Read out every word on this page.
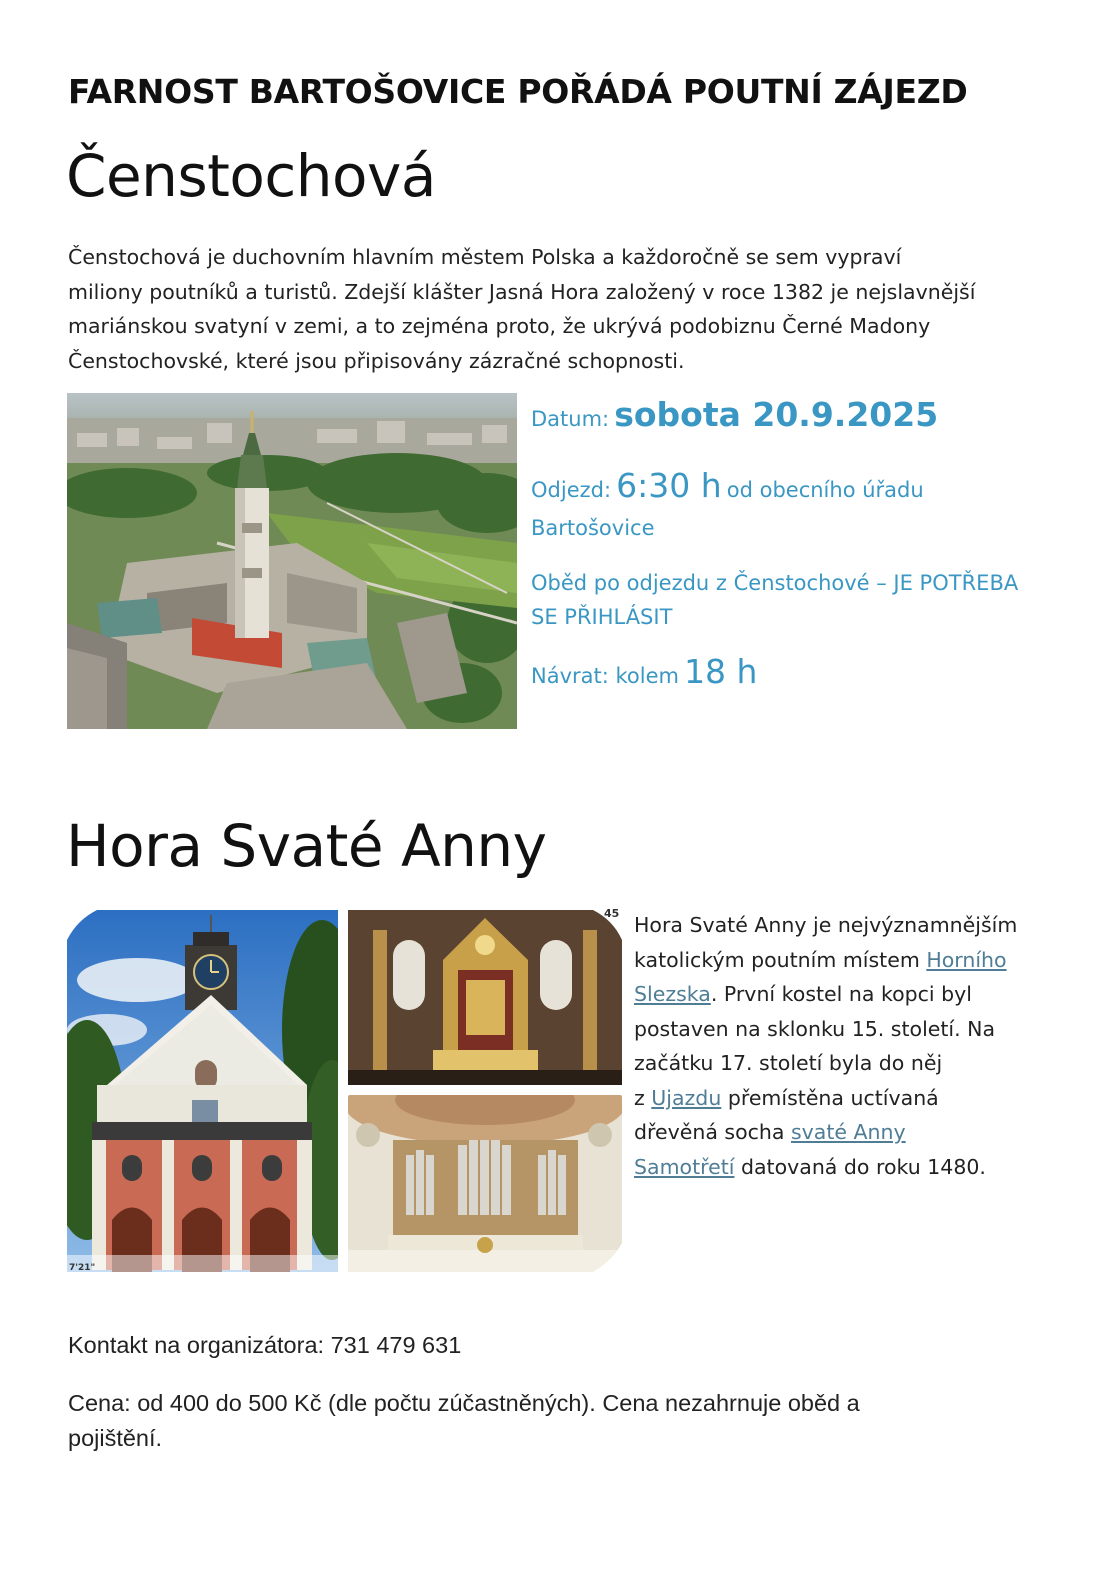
FARNOST BARTOŠOVICE POŘÁDÁ POUTNÍ ZÁJEZD
Čenstochová

Čenstochová je duchovním hlavním městem Polska a každoročně se sem vypraví

miliony poutníků a turistů. Zdejší klášter Jasná Hora založený v roce 1382 je nejslavnější

mariánskou svatyní v zemi, a to zejména proto, že ukrývá podobiznu Černé Madony

Čenstochovské, které jsou připisovány zázračné schopnosti.

Datum: sobota 20.9.2025
Odjezd: 6:30 h od obecního úřadu
Bartošovice
Oběd po odjezdu z Čenstochové – JE POTŘEBA
SE PŘIHLÁSIT
Návrat: kolem 18 h
Hora Svaté Anny
7'21"
45 Hora Svaté Anny je nejvýznamnějším

katolickým poutním místem Horního

Slezska. První kostel na kopci byl

postaven na sklonku 15. století. Na

začátku 17. století byla do něj

z Ujazdu přemístěna uctívaná

dřevěná socha svaté Anny

Samotřetí datovaná do roku 1480.

Kontakt na organizátora: 731 479 631

Cena: od 400 do 500 Kč (dle počtu zúčastněných). Cena nezahrnuje oběd a

pojištění.
